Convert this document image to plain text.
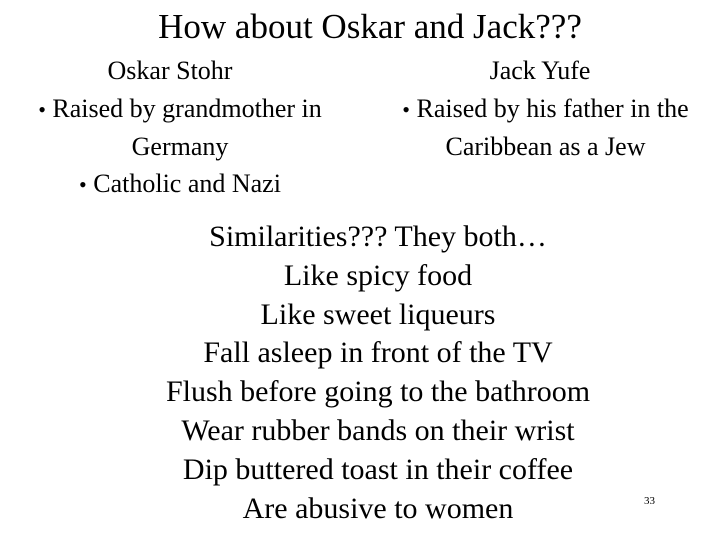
How about Oskar and Jack???
Oskar Stohr	Jack Yufe
• Raised by grandmother in Germany
• Catholic and Nazi
• Raised by his father in the Caribbean as a Jew
Similarities??? They both…
Like spicy food
Like sweet liqueurs
Fall asleep in front of the TV
Flush before going to the bathroom
Wear rubber bands on their wrist
Dip buttered toast in their coffee
Are abusive to women	33
